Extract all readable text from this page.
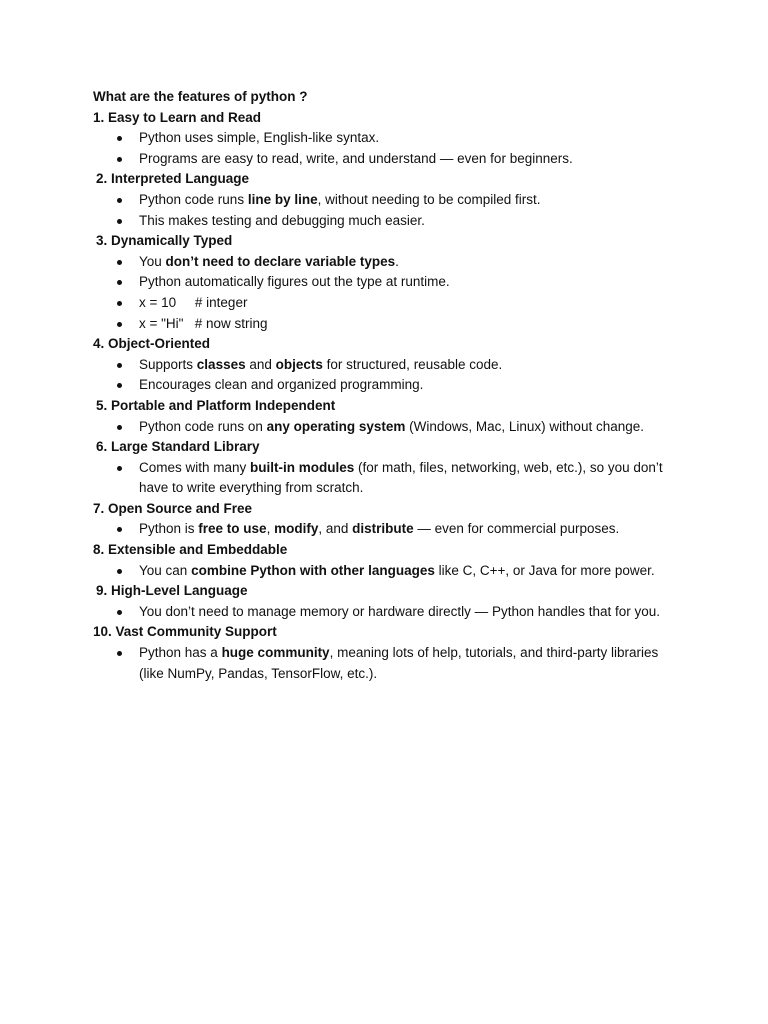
What are the features of python ?

1. Easy to Learn and Read

Python uses simple, English-like syntax.
Programs are easy to read, write, and understand — even for beginners.

2. Interpreted Language

Python code runs line by line, without needing to be compiled first.
This makes testing and debugging much easier.

3. Dynamically Typed

You don’t need to declare variable types.
Python automatically figures out the type at runtime.
x = 10     # integer
x = "Hi"   # now string

4. Object-Oriented

Supports classes and objects for structured, reusable code.
Encourages clean and organized programming.

5. Portable and Platform Independent

Python code runs on any operating system (Windows, Mac, Linux) without change.

6. Large Standard Library

Comes with many built-in modules (for math, files, networking, web, etc.), so you don’t have to write everything from scratch.

7. Open Source and Free

Python is free to use, modify, and distribute — even for commercial purposes.

8. Extensible and Embeddable

You can combine Python with other languages like C, C++, or Java for more power.

9. High-Level Language

You don’t need to manage memory or hardware directly — Python handles that for you.

10. Vast Community Support

Python has a huge community, meaning lots of help, tutorials, and third-party libraries (like NumPy, Pandas, TensorFlow, etc.).
